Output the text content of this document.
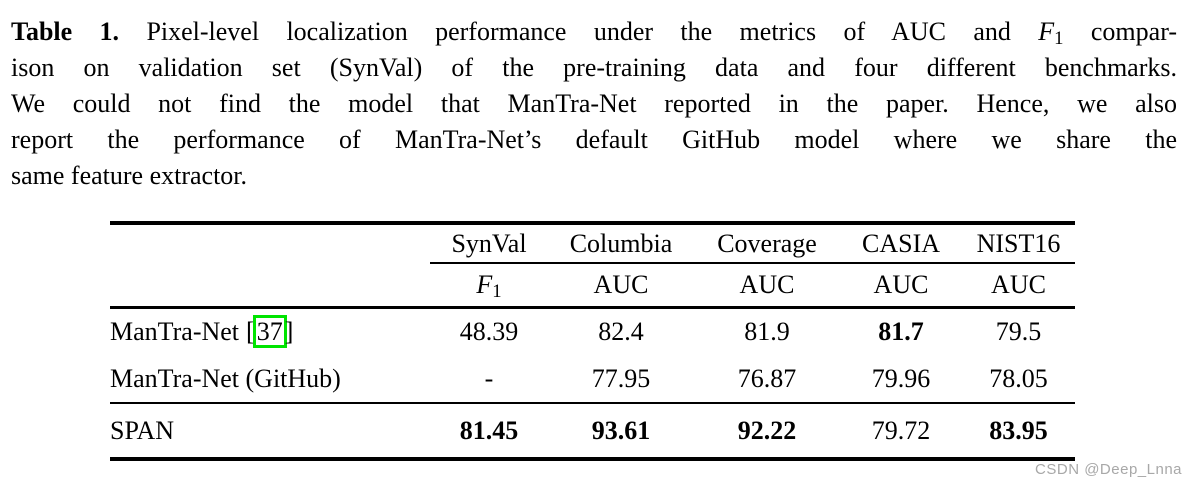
Table 1. Pixel-level localization performance under the metrics of AUC and $F_1$ compar-
ison on validation set (SynVal) of the pre-training data and four different benchmarks.
We could not find the model that ManTra-Net reported in the paper. Hence, we also
report the performance of ManTra-Net’s default GitHub model where we share the
same feature extractor.
	SynVal	Columbia	Coverage	CASIA	NIST16
	$F_1$	AUC	AUC	AUC	AUC
ManTra-Net [37]	48.39	82.4	81.9	81.7	79.5
ManTra-Net (GitHub)	-	77.95	76.87	79.96	78.05
SPAN	81.45	93.61	92.22	79.72	83.95
CSDN @Deep_Lnna
